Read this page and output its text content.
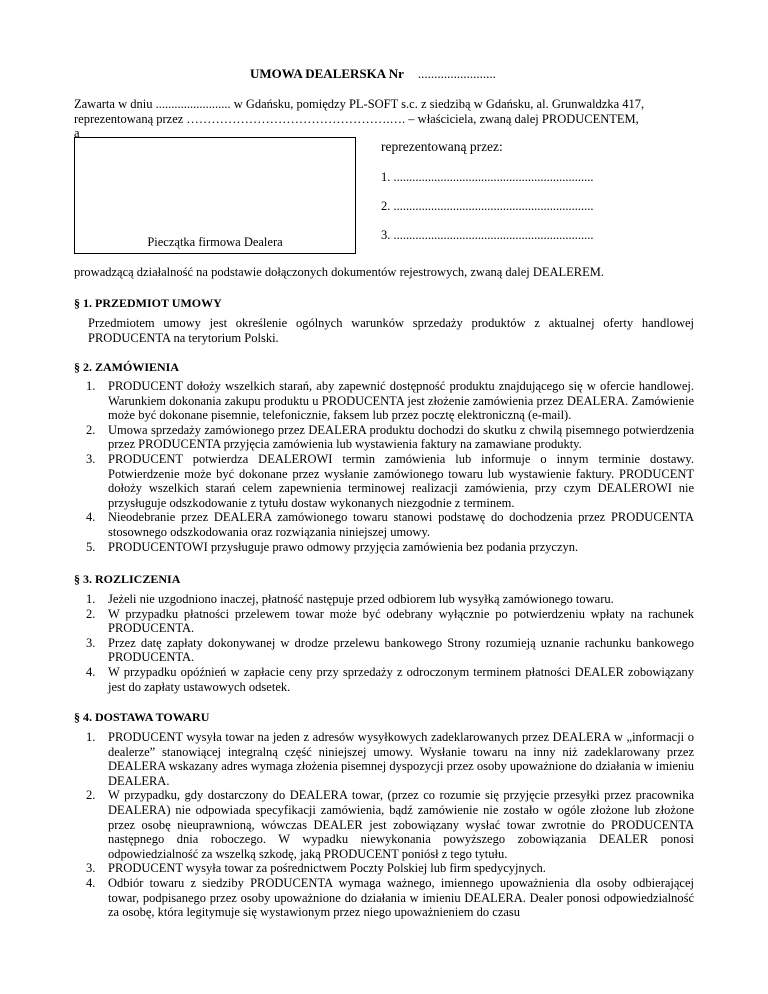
UMOWA DEALERSKA Nr ........................
Zawarta w dniu ........................ w Gdańsku, pomiędzy PL-SOFT s.c. z siedzibą w Gdańsku, al. Grunwaldzka 417,
reprezentowaną przez ………………………………………….…. – właściciela, zwaną dalej PRODUCENTEM,
a
Pieczątka firmowa Dealera
reprezentowaną przez:
1. ................................................................
2. ................................................................
3. ................................................................
prowadzącą działalność na podstawie dołączonych dokumentów rejestrowych, zwaną dalej DEALEREM.
§ 1. PRZEDMIOT UMOWY
Przedmiotem umowy jest określenie ogólnych warunków sprzedaży produktów z aktualnej oferty handlowej PRODUCENTA na terytorium Polski.
§ 2. ZAMÓWIENIA
1. PRODUCENT dołoży wszelkich starań, aby zapewnić dostępność produktu znajdującego się w ofercie handlowej. Warunkiem dokonania zakupu produktu u PRODUCENTA jest złożenie zamówienia przez DEALERA. Zamówienie może być dokonane pisemnie, telefonicznie, faksem lub przez pocztę elektroniczną (e-mail).
2. Umowa sprzedaży zamówionego przez DEALERA produktu dochodzi do skutku z chwilą pisemnego potwierdzenia przez PRODUCENTA przyjęcia zamówienia lub wystawienia faktury na zamawiane produkty.
3. PRODUCENT potwierdza DEALEROWI termin zamówienia lub informuje o innym terminie dostawy. Potwierdzenie może być dokonane przez wysłanie zamówionego towaru lub wystawienie faktury. PRODUCENT dołoży wszelkich starań celem zapewnienia terminowej realizacji zamówienia, przy czym DEALEROWI nie przysługuje odszkodowanie z tytułu dostaw wykonanych niezgodnie z terminem.
4. Nieodebranie przez DEALERA zamówionego towaru stanowi podstawę do dochodzenia przez PRODUCENTA stosownego odszkodowania oraz rozwiązania niniejszej umowy.
5. PRODUCENTOWI przysługuje prawo odmowy przyjęcia zamówienia bez podania przyczyn.
§ 3. ROZLICZENIA
1. Jeżeli nie uzgodniono inaczej, płatność następuje przed odbiorem lub wysyłką zamówionego towaru.
2. W przypadku płatności przelewem towar może być odebrany wyłącznie po potwierdzeniu wpłaty na rachunek PRODUCENTA.
3. Przez datę zapłaty dokonywanej w drodze przelewu bankowego Strony rozumieją uznanie rachunku bankowego PRODUCENTA.
4. W przypadku opóźnień w zapłacie ceny przy sprzedaży z odroczonym terminem płatności DEALER zobowiązany jest do zapłaty ustawowych odsetek.
§ 4. DOSTAWA TOWARU
1. PRODUCENT wysyła towar na jeden z adresów wysyłkowych zadeklarowanych przez DEALERA w „informacji o dealerze” stanowiącej integralną część niniejszej umowy. Wysłanie towaru na inny niż zadeklarowany przez DEALERA wskazany adres wymaga złożenia pisemnej dyspozycji przez osoby upoważnione do działania w imieniu DEALERA.
2. W przypadku, gdy dostarczony do DEALERA towar, (przez co rozumie się przyjęcie przesyłki przez pracownika DEALERA) nie odpowiada specyfikacji zamówienia, bądź zamówienie nie zostało w ogóle złożone lub złożone przez osobę nieuprawnioną, wówczas DEALER jest zobowiązany wysłać towar zwrotnie do PRODUCENTA następnego dnia roboczego. W wypadku niewykonania powyższego zobowiązania DEALER ponosi odpowiedzialność za wszelką szkodę, jaką PRODUCENT poniósł z tego tytułu.
3. PRODUCENT wysyła towar za pośrednictwem Poczty Polskiej lub firm spedycyjnych.
4. Odbiór towaru z siedziby PRODUCENTA wymaga ważnego, imiennego upoważnienia dla osoby odbierającej towar, podpisanego przez osoby upoważnione do działania w imieniu DEALERA. Dealer ponosi odpowiedzialność za osobę, która legitymuje się wystawionym przez niego upoważnieniem do czasu
